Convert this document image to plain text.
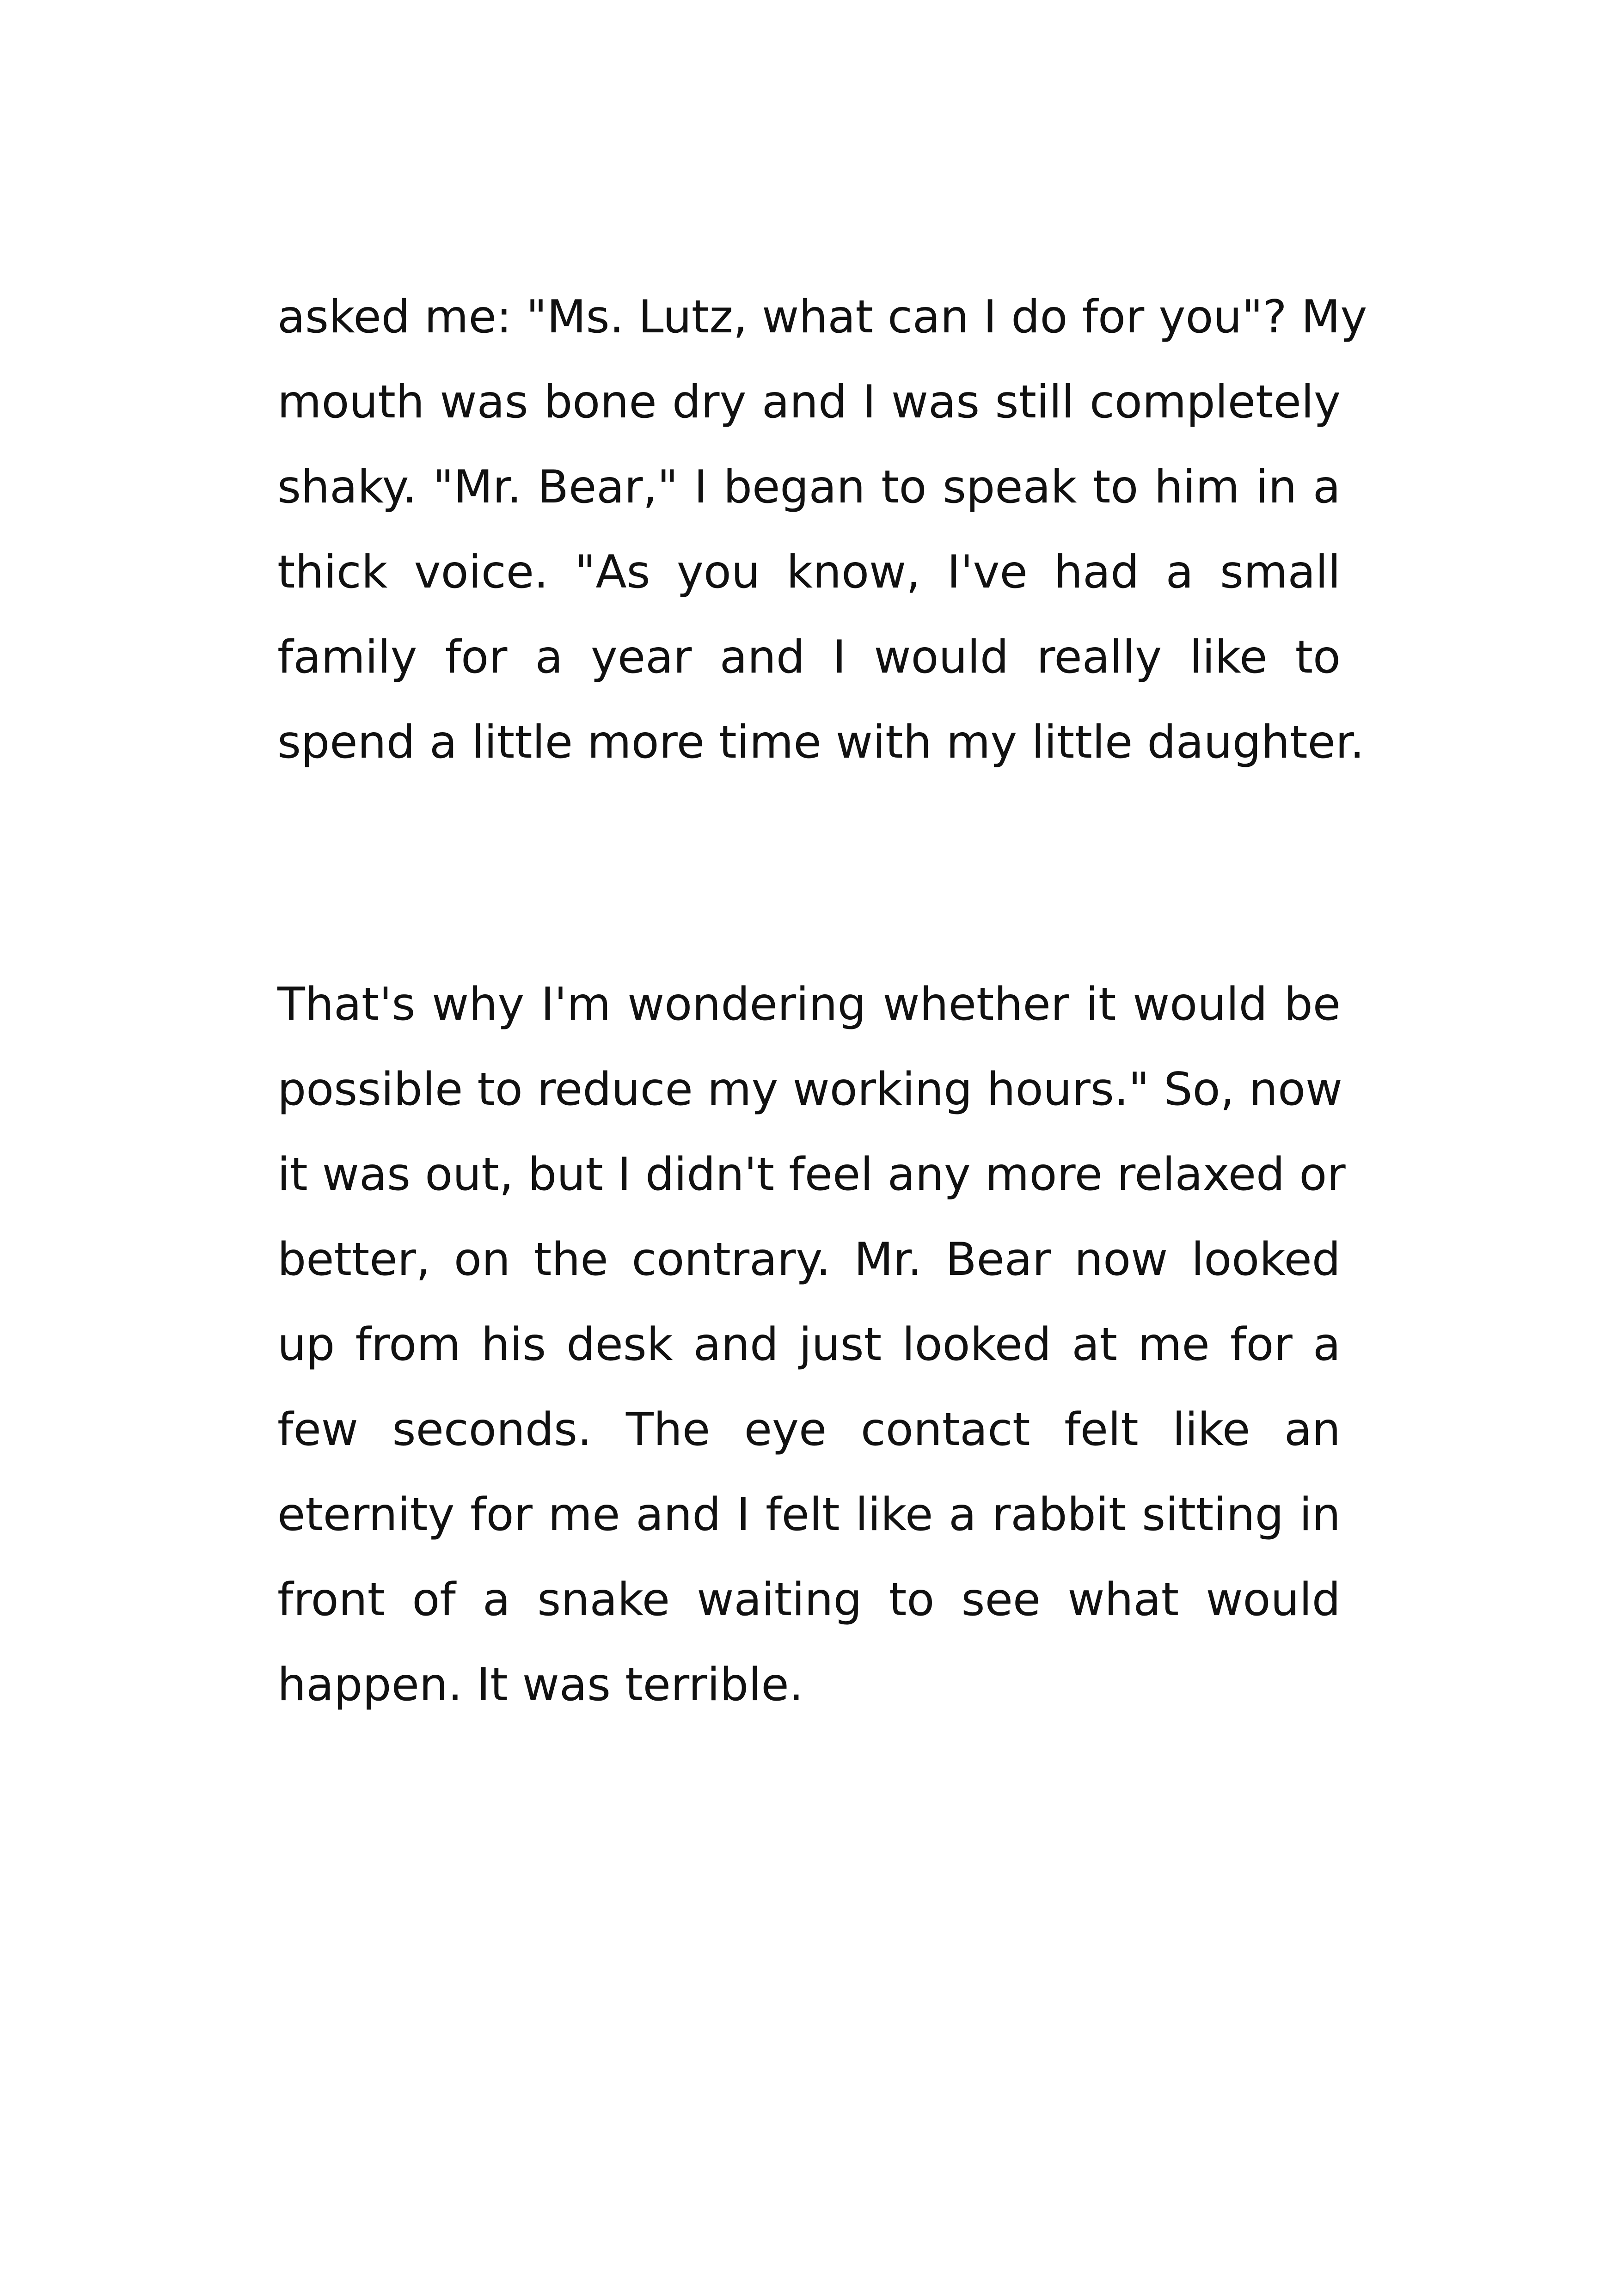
asked me: "Ms. Lutz, what can I do for you"? My
mouth was bone dry and I was still completely
shaky. "Mr. Bear," I began to speak to him in a
thick voice. "As you know, I've had a small
family for a year and I would really like to
spend a little more time with my little daughter.

That's why I'm wondering whether it would be
possible to reduce my working hours." So, now
it was out, but I didn't feel any more relaxed or
better, on the contrary. Mr. Bear now looked
up from his desk and just looked at me for a
few seconds. The eye contact felt like an
eternity for me and I felt like a rabbit sitting in
front of a snake waiting to see what would
happen. It was terrible.
